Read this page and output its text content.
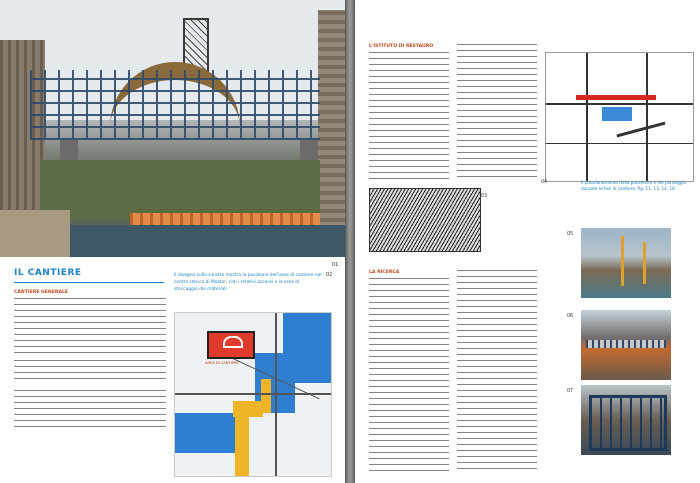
01
IL CANTIERE	Il disegno sulla sinistra mostra la posizione dell'area di cantiere nel centro storico di Mostar, con i relativi accessi e le aree di stoccaggio dei materiali.
02
CANTIERE GENERALE
AREA DI CANTIERE
L'ISTITUTO DI RESTAURO
03
LA RICERCA
04	Il posizionamento della passerella e del ponteggio durante le fasi di cantiere, fig. 11, 13, 14, 16
05
06
07
